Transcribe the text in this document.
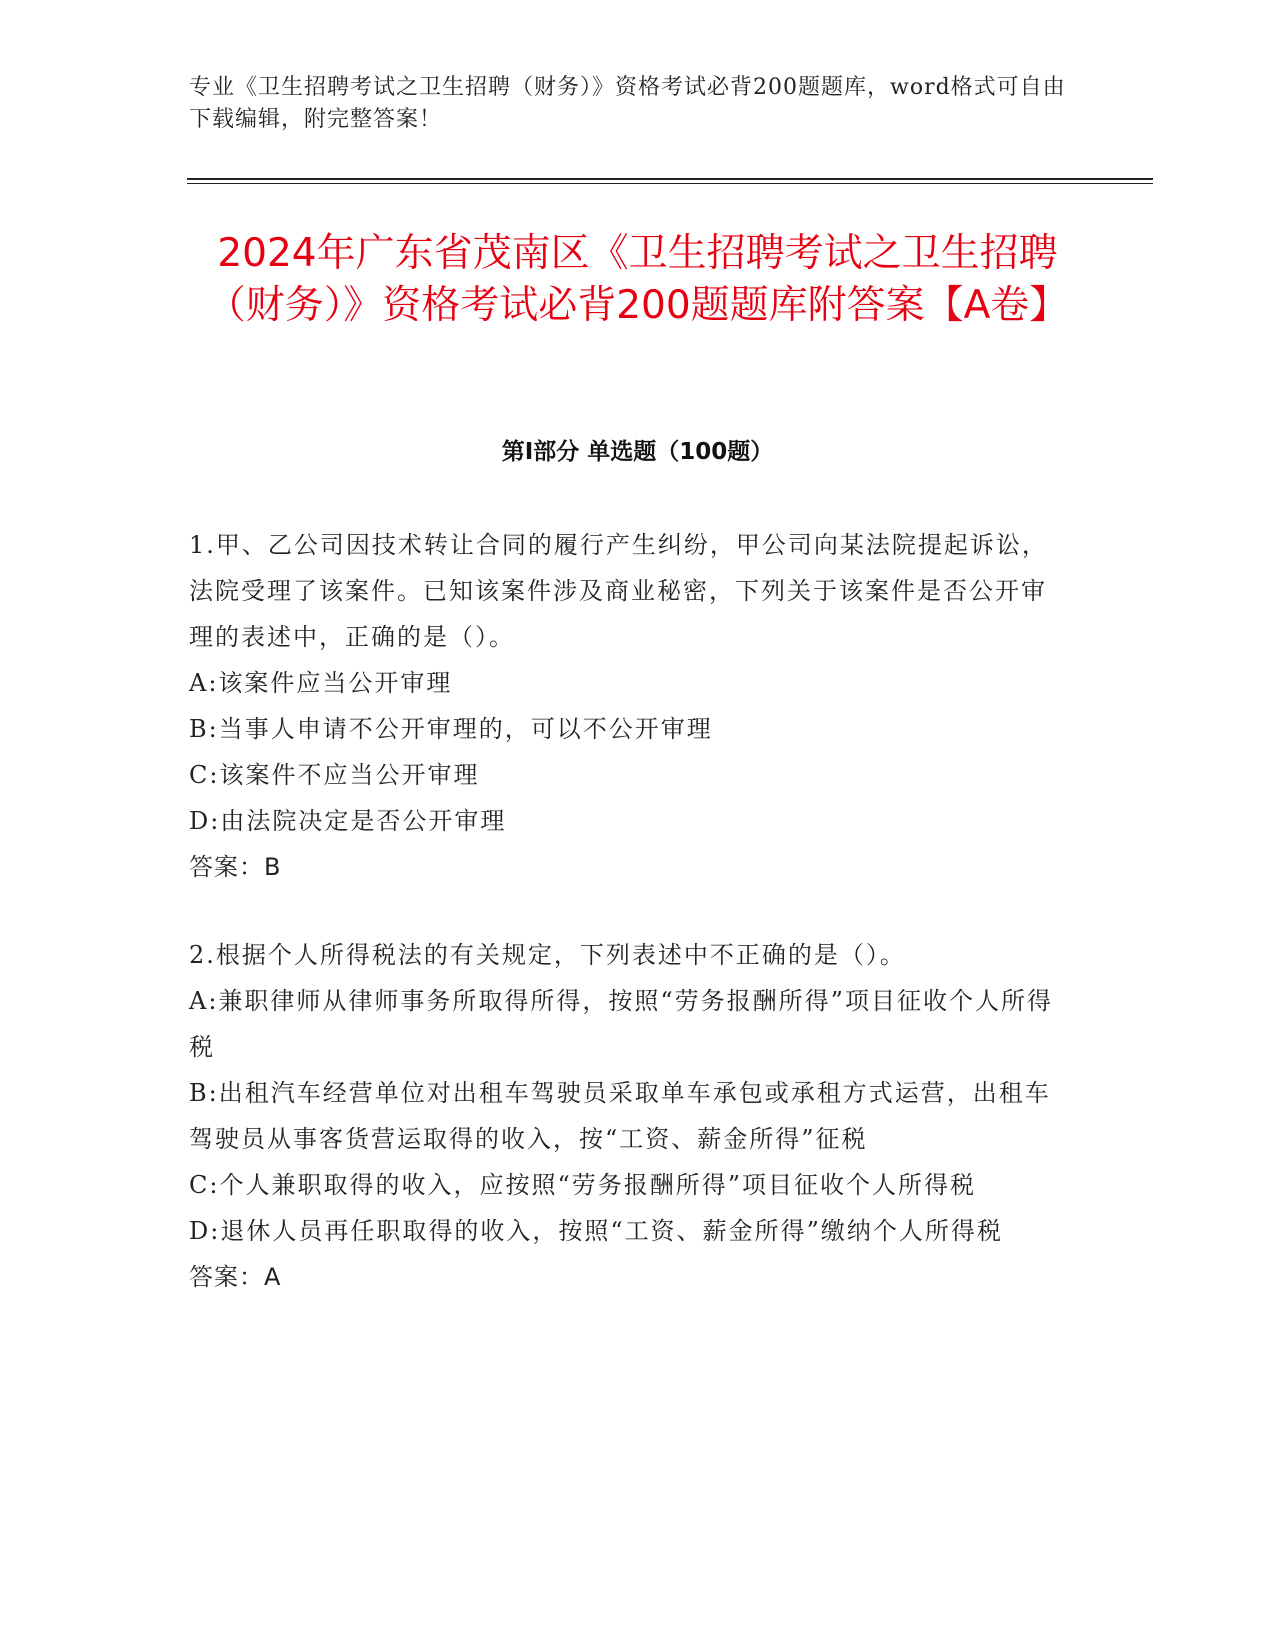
专业《卫生招聘考试之卫生招聘（财务）》资格考试必背200题题库，word格式可自由下载编辑，附完整答案！
2024年广东省茂南区《卫生招聘考试之卫生招聘（财务）》资格考试必背200题题库附答案【A卷】
第I部分 单选题（100题）

1.甲、乙公司因技术转让合同的履行产生纠纷，甲公司向某法院提起诉讼，法院受理了该案件。已知该案件涉及商业秘密，下列关于该案件是否公开审理的表述中，正确的是（）。

A:该案件应当公开审理

B:当事人申请不公开审理的，可以不公开审理

C:该案件不应当公开审理

D:由法院决定是否公开审理

答案：B

2.根据个人所得税法的有关规定，下列表述中不正确的是（）。

A:兼职律师从律师事务所取得所得，按照“劳务报酬所得”项目征收个人所得税

B:出租汽车经营单位对出租车驾驶员采取单车承包或承租方式运营，出租车驾驶员从事客货营运取得的收入，按“工资、薪金所得”征税

C:个人兼职取得的收入，应按照“劳务报酬所得”项目征收个人所得税

D:退休人员再任职取得的收入，按照“工资、薪金所得”缴纳个人所得税

答案：A
